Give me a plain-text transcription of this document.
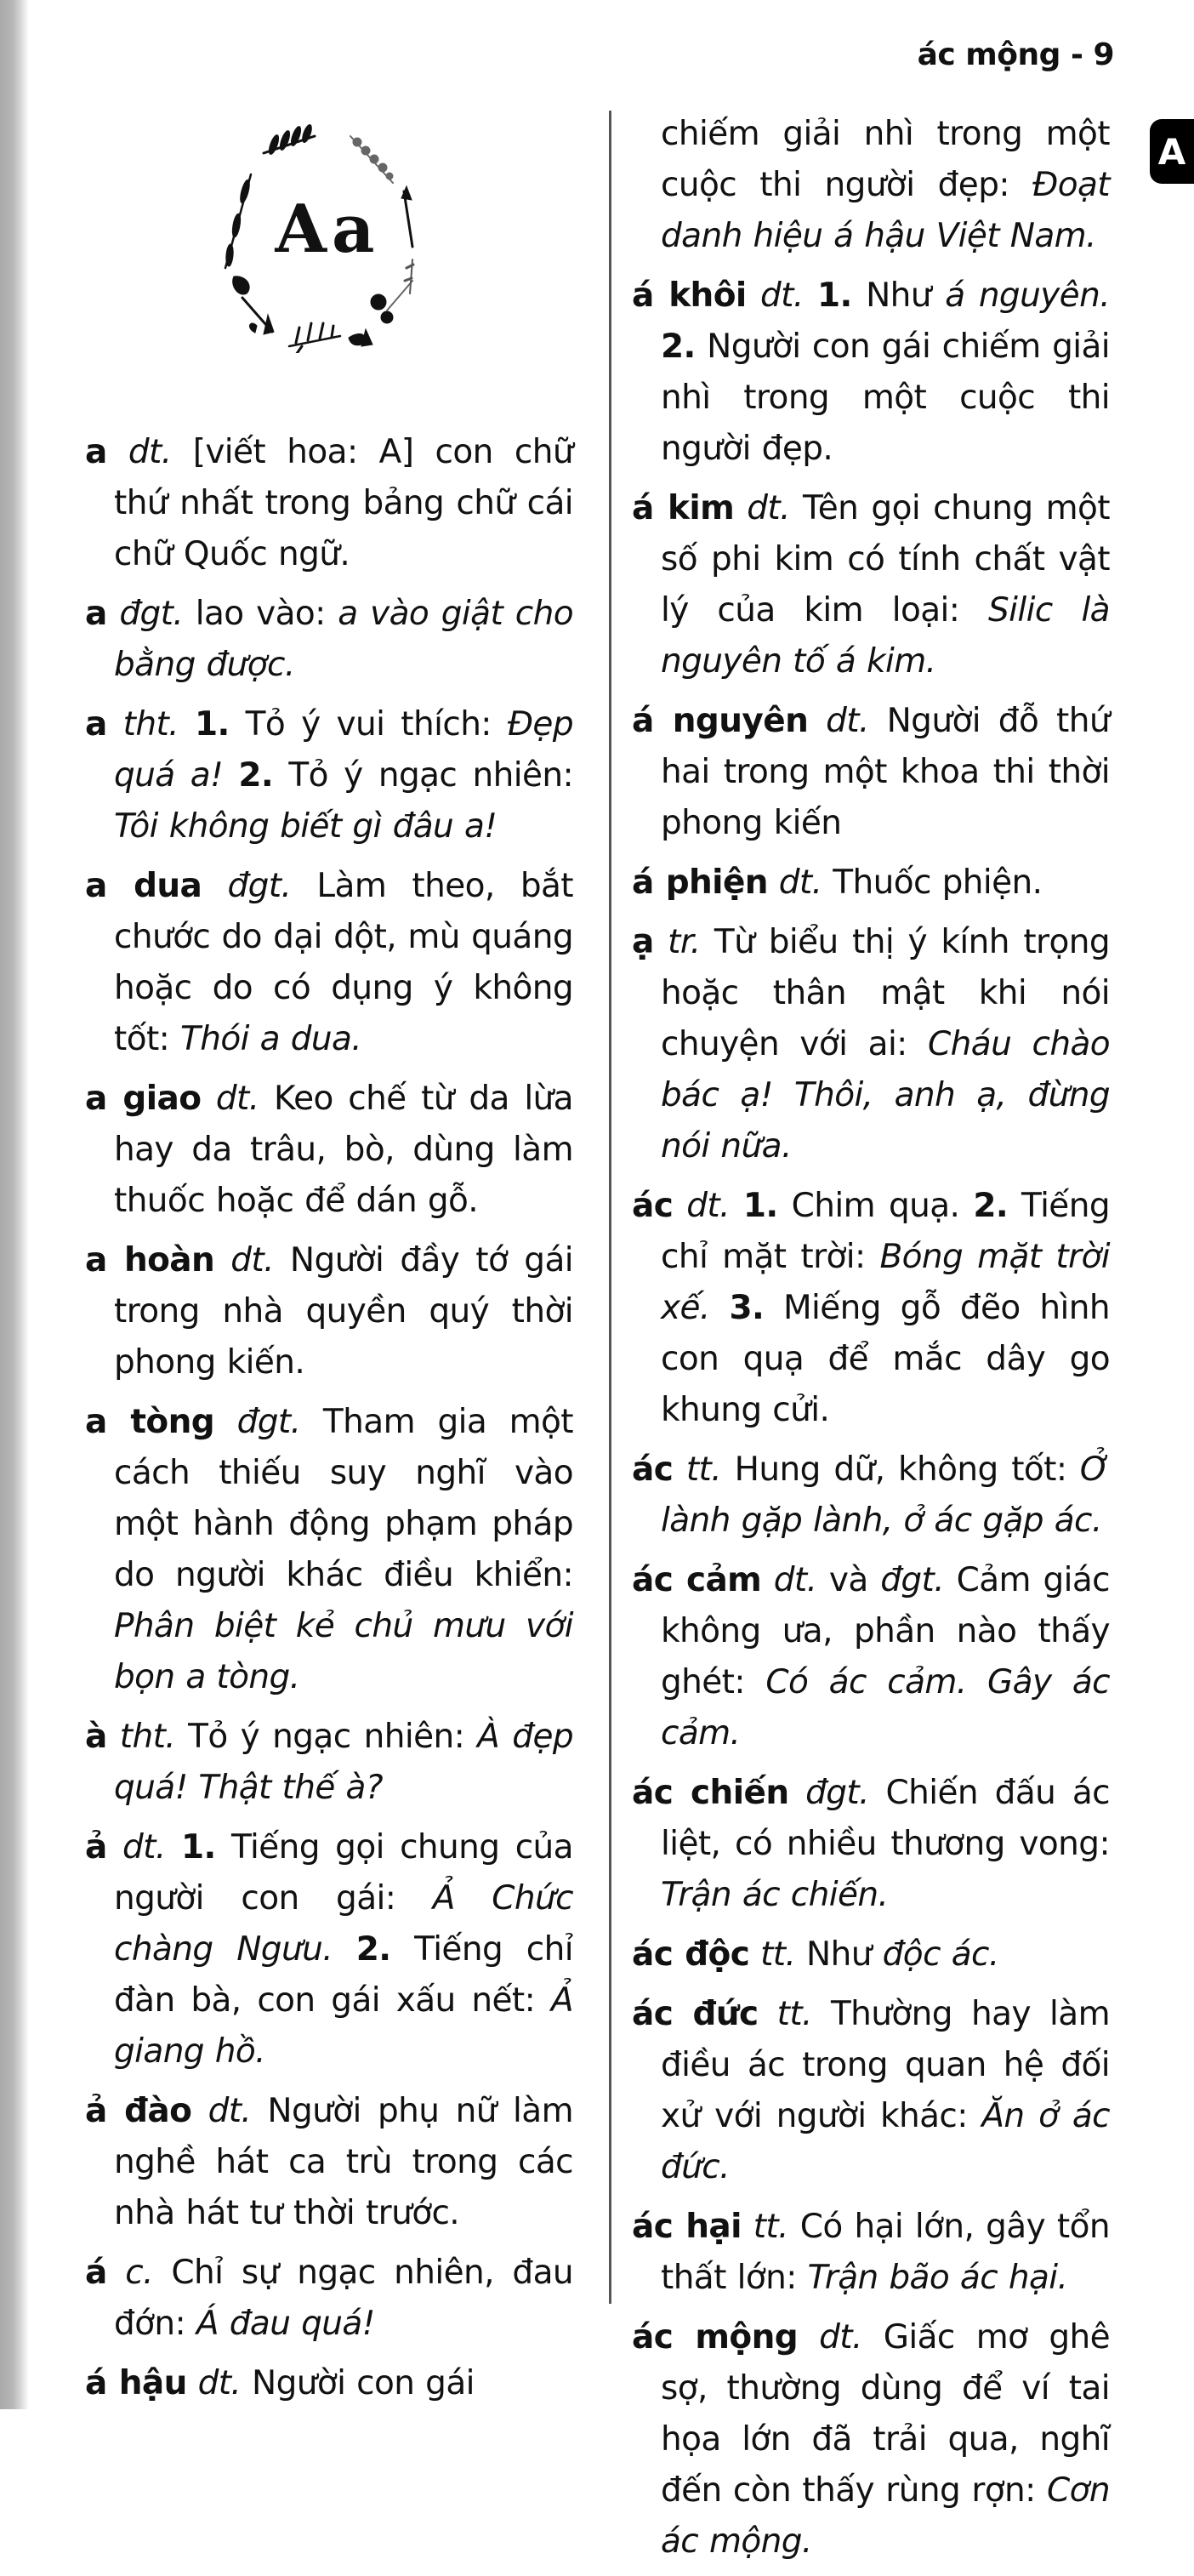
ác mộng - 9
A
Aa
a dt. [viết hoa: A] con chữ thứ nhất trong bảng chữ cái chữ Quốc ngữ.
a đgt. lao vào: a vào giật cho bằng được.
a tht. 1. Tỏ ý vui thích: Đẹp quá a! 2. Tỏ ý ngạc nhiên: Tôi không biết gì đâu a!
a dua đgt. Làm theo, bắt chước do dại dột, mù quáng hoặc do có dụng ý không tốt: Thói a dua.
a giao dt. Keo chế từ da lừa hay da trâu, bò, dùng làm thuốc hoặc để dán gỗ.
a hoàn dt. Người đầy tớ gái trong nhà quyền quý thời phong kiến.
a tòng đgt. Tham gia một cách thiếu suy nghĩ vào một hành động phạm pháp do người khác điều khiển: Phân biệt kẻ chủ mưu với bọn a tòng.
à tht. Tỏ ý ngạc nhiên: À đẹp quá! Thật thế à?
ả dt. 1. Tiếng gọi chung của người con gái: Ả Chức chàng Ngưu. 2. Tiếng chỉ đàn bà, con gái xấu nết: Ả giang hồ.
ả đào dt. Người phụ nữ làm nghề hát ca trù trong các nhà hát tư thời trước.
á c. Chỉ sự ngạc nhiên, đau đớn: Á đau quá!
á hậu dt. Người con gái
chiếm giải nhì trong một cuộc thi người đẹp: Đoạt danh hiệu á hậu Việt Nam.
á khôi dt. 1. Như á nguyên. 2. Người con gái chiếm giải nhì trong một cuộc thi người đẹp.
á kim dt. Tên gọi chung một số phi kim có tính chất vật lý của kim loại: Silic là nguyên tố á kim.
á nguyên dt. Người đỗ thứ hai trong một khoa thi thời phong kiến
á phiện dt. Thuốc phiện.
ạ tr. Từ biểu thị ý kính trọng hoặc thân mật khi nói chuyện với ai: Cháu chào bác ạ! Thôi, anh ạ, đừng nói nữa.
ác dt. 1. Chim quạ. 2. Tiếng chỉ mặt trời: Bóng mặt trời xế. 3. Miếng gỗ đẽo hình con quạ để mắc dây go khung cửi.
ác tt. Hung dữ, không tốt: Ở lành gặp lành, ở ác gặp ác.
ác cảm dt. và đgt. Cảm giác không ưa, phần nào thấy ghét: Có ác cảm. Gây ác cảm.
ác chiến đgt. Chiến đấu ác liệt, có nhiều thương vong: Trận ác chiến.
ác độc tt. Như độc ác.
ác đức tt. Thường hay làm điều ác trong quan hệ đối xử với người khác: Ăn ở ác đức.
ác hại tt. Có hại lớn, gây tổn thất lớn: Trận bão ác hại.
ác mộng dt. Giấc mơ ghê sợ, thường dùng để ví tai họa lớn đã trải qua, nghĩ đến còn thấy rùng rợn: Cơn ác mộng.
